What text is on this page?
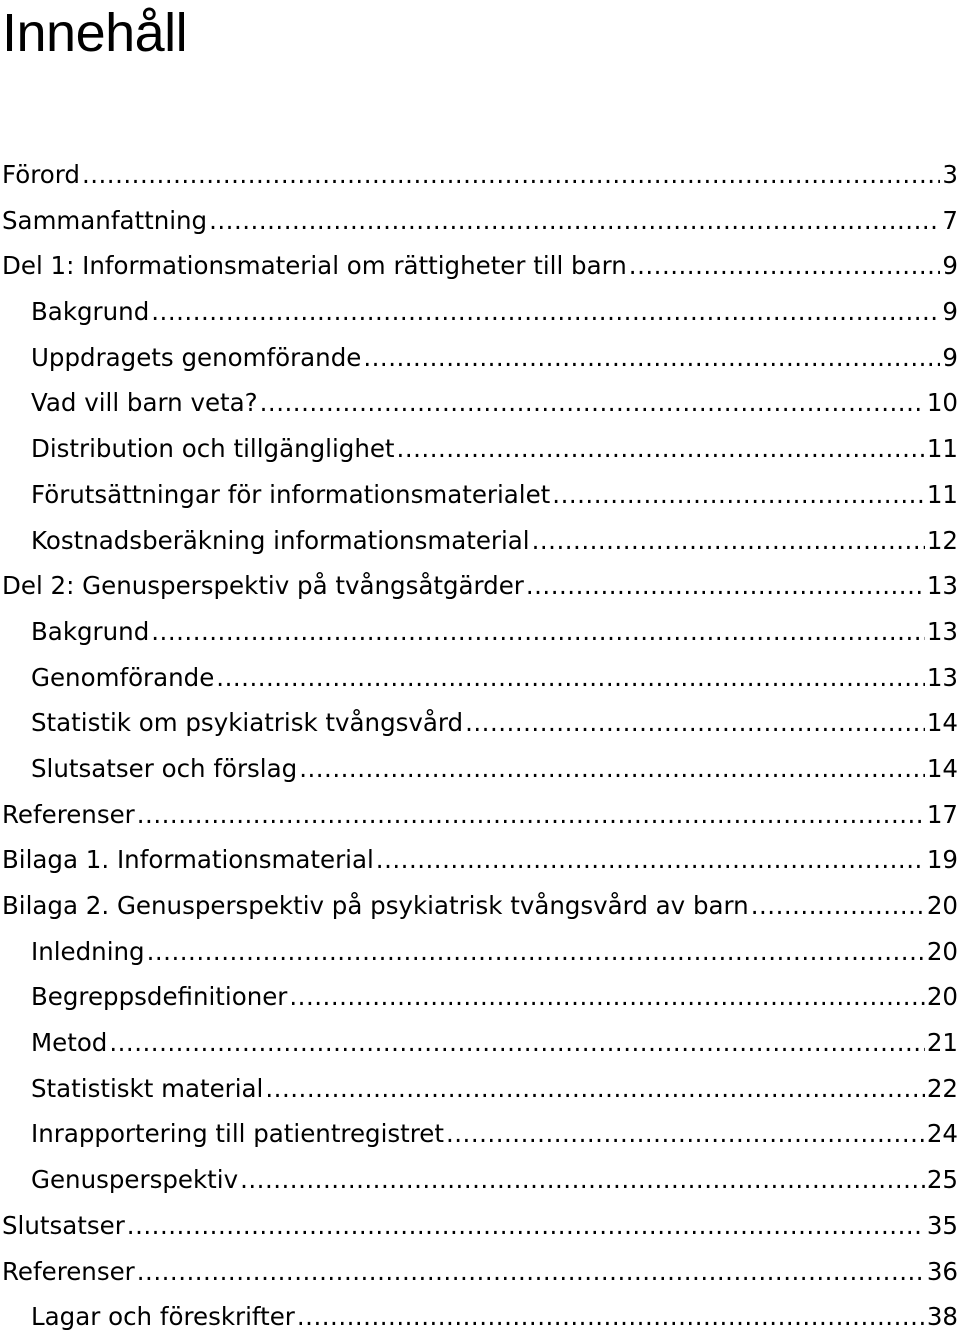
Innehåll
Förord .....	3
Sammanfattning .....	7
Del 1: Informationsmaterial om rättigheter till barn .....	9
Bakgrund .....	9
Uppdragets genomförande .....	9
Vad vill barn veta? .....	10
Distribution och tillgänglighet .....	11
Förutsättningar för informationsmaterialet .....	11
Kostnadsberäkning informationsmaterial .....	12
Del 2: Genusperspektiv på tvångsåtgärder .....	13
Bakgrund .....	13
Genomförande .....	13
Statistik om psykiatrisk tvångsvård .....	14
Slutsatser och förslag .....	14
Referenser .....	17
Bilaga 1. Informationsmaterial .....	19
Bilaga 2. Genusperspektiv på psykiatrisk tvångsvård av barn .....	20
Inledning .....	20
Begreppsdefinitioner .....	20
Metod .....	21
Statistiskt material .....	22
Inrapportering till patientregistret .....	24
Genusperspektiv .....	25
Slutsatser .....	35
Referenser .....	36
Lagar och föreskrifter .....	38
